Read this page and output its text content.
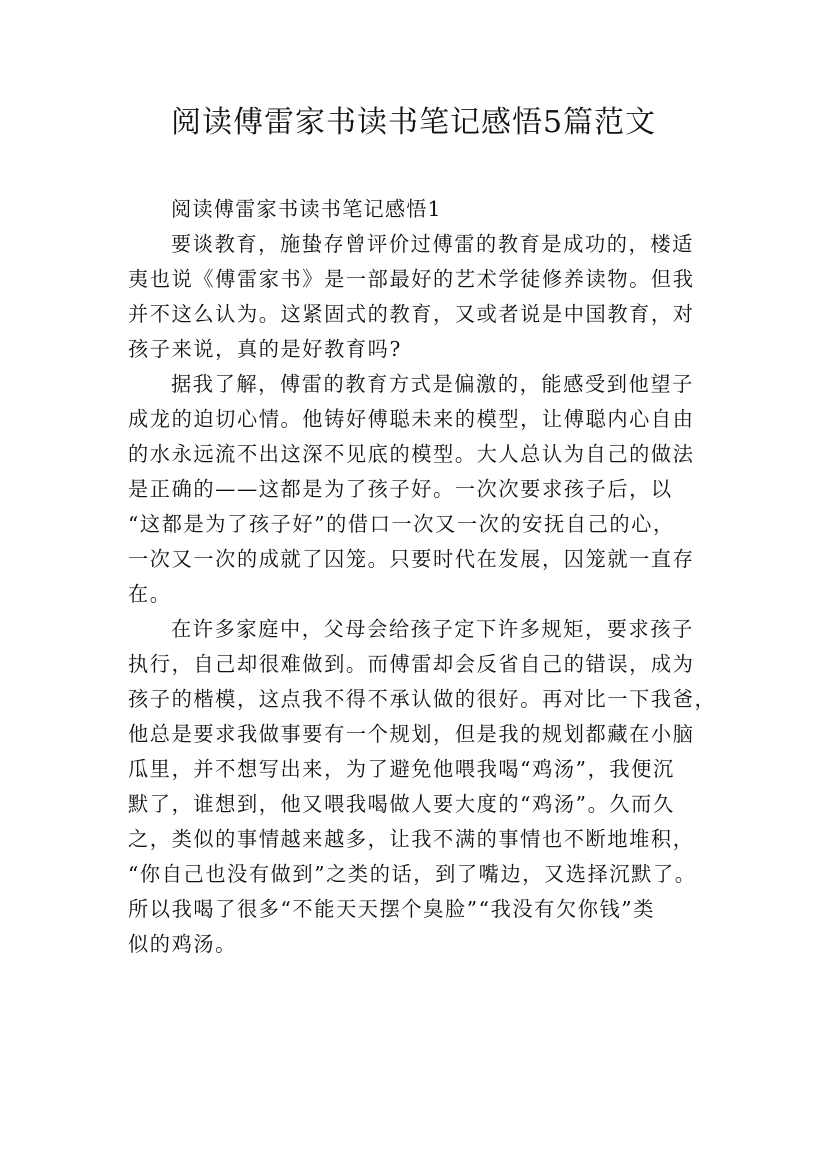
阅读傅雷家书读书笔记感悟5篇范文
阅读傅雷家书读书笔记感悟1
要谈教育，施蛰存曾评价过傅雷的教育是成功的，楼适
夷也说《傅雷家书》是一部最好的艺术学徒修养读物。但我
并不这么认为。这紧固式的教育，又或者说是中国教育，对
孩子来说，真的是好教育吗?
据我了解，傅雷的教育方式是偏激的，能感受到他望子
成龙的迫切心情。他铸好傅聪未来的模型，让傅聪内心自由
的水永远流不出这深不见底的模型。大人总认为自己的做法
是正确的——这都是为了孩子好。一次次要求孩子后，以
“这都是为了孩子好”的借口一次又一次的安抚自己的心，
一次又一次的成就了囚笼。只要时代在发展，囚笼就一直存
在。
在许多家庭中，父母会给孩子定下许多规矩，要求孩子
执行，自己却很难做到。而傅雷却会反省自己的错误，成为
孩子的楷模，这点我不得不承认做的很好。再对比一下我爸，
他总是要求我做事要有一个规划，但是我的规划都藏在小脑
瓜里，并不想写出来，为了避免他喂我喝“鸡汤”，我便沉
默了，谁想到，他又喂我喝做人要大度的“鸡汤”。久而久
之，类似的事情越来越多，让我不满的事情也不断地堆积，
“你自己也没有做到”之类的话，到了嘴边，又选择沉默了。
所以我喝了很多“不能天天摆个臭脸”“我没有欠你钱”类
似的鸡汤。
